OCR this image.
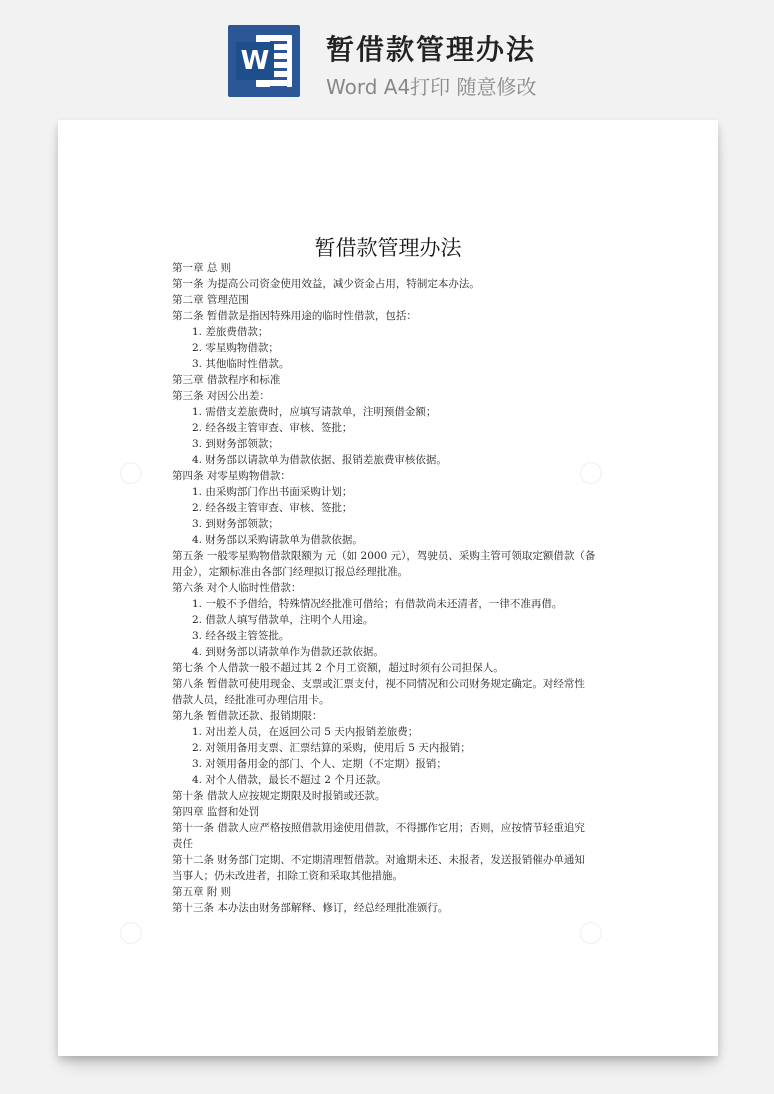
W 暂借款管理办法
Word A4打印 随意修改
◯	◯
◯	◯
暂借款管理办法
第一章 总 则
第一条 为提高公司资金使用效益，减少资金占用，特制定本办法。
第二章 管理范围
第二条 暂借款是指因特殊用途的临时性借款，包括：
1. 差旅费借款；
2. 零星购物借款；
3. 其他临时性借款。
第三章 借款程序和标准
第三条 对因公出差：
1. 需借支差旅费时，应填写请款单，注明预借金额；
2. 经各级主管审查、审核、签批；
3. 到财务部领款；
4. 财务部以请款单为借款依据、报销差旅费审核依据。
第四条 对零星购物借款：
1. 由采购部门作出书面采购计划；
2. 经各级主管审查、审核、签批；
3. 到财务部领款；
4. 财务部以采购请款单为借款依据。
第五条 一般零星购物借款限额为 元（如 2000 元），驾驶员、采购主管可领取定额借款（备
用金），定额标准由各部门经理拟订报总经理批准。
第六条 对个人临时性借款：
1. 一般不予借给，特殊情况经批准可借给；有借款尚未还清者，一律不准再借。
2. 借款人填写借款单，注明个人用途。
3. 经各级主管签批。
4. 到财务部以请款单作为借款还款依据。
第七条 个人借款一般不超过其 2 个月工资额，超过时须有公司担保人。
第八条 暂借款可使用现金、支票或汇票支付，视不同情况和公司财务规定确定。对经常性
借款人员，经批准可办理信用卡。
第九条 暂借款还款、报销期限：
1. 对出差人员，在返回公司 5 天内报销差旅费；
2. 对领用备用支票、汇票结算的采购，使用后 5 天内报销；
3. 对领用备用金的部门、个人、定期（不定期）报销；
4. 对个人借款，最长不超过 2 个月还款。
第十条 借款人应按规定期限及时报销或还款。
第四章 监督和处罚
第十一条 借款人应严格按照借款用途使用借款，不得挪作它用；否则，应按情节轻重追究
责任
第十二条 财务部门定期、不定期清理暂借款。对逾期未还、未报者，发送报销催办单通知
当事人；仍未改进者，扣除工资和采取其他措施。
第五章 附 则
第十三条 本办法由财务部解释、修订，经总经理批准颁行。
